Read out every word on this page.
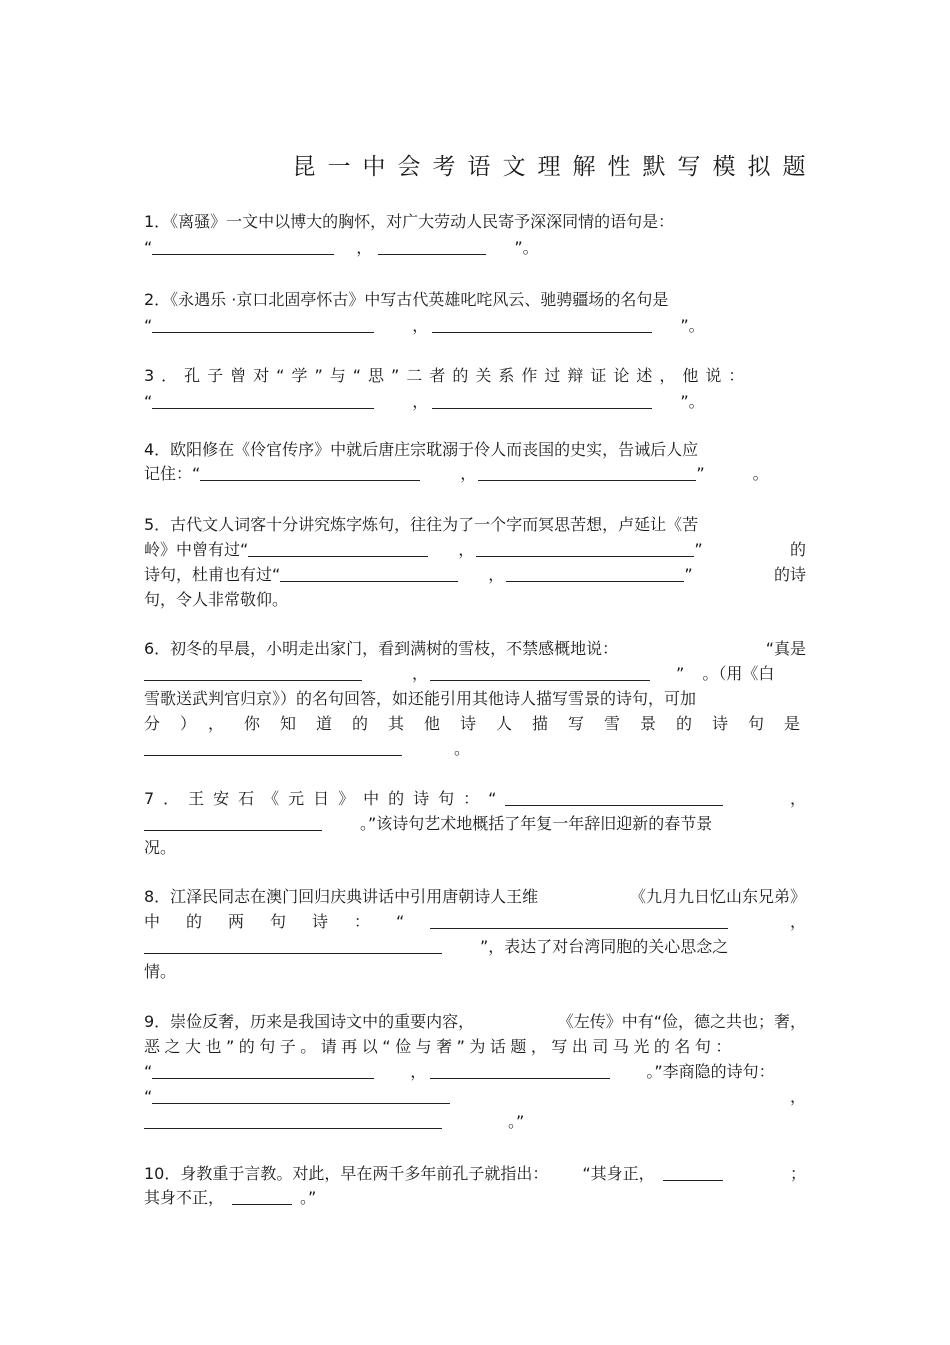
昆一中会考语文理解性默写模拟题
1．《离骚》一文中以博大的胸怀，对广大劳动人民寄予深深同情的语句是：
“	，	”。
2．《永遇乐 ·京口北固亭怀古》中写古代英雄叱咤风云、驰骋疆场的名句是
“	，	”。
3．孔子曾对“学”与“思”二者的关系作过辩证论述，他说：
“	，	”。
4．欧阳修在《伶官传序》中就后唐庄宗耽溺于伶人而丧国的史实，告诫后人应
记住：“	，	”	。
5．古代文人词客十分讲究炼字炼句，往往为了一个字而冥思苦想，卢延让《苦
岭》中曾有过“	，	”	的
诗句，杜甫也有过“	，	”	的诗
句，令人非常敬仰。
6．初冬的早晨，小明走出家门，看到满树的雪枝，不禁感概地说：	“真是
，	” 。（用《白
雪歌送武判官归京》）的名句回答，如还能引用其他诗人描写雪景的诗句，可加
分），你知道的其他诗人描写雪景的诗句是
。
7．王安石《元日》中的诗句：“	，
。”该诗句艺术地概括了年复一年辞旧迎新的春节景
况。
8．江泽民同志在澳门回归庆典讲话中引用唐朝诗人王维	《九月九日忆山东兄弟》
中的两句诗：“	，
”，表达了对台湾同胞的关心思念之
情。
9．崇俭反奢，历来是我国诗文中的重要内容，	《左传》中有“俭，德之共也；奢，
恶之大也”的句子。请再以“俭与奢”为话题，写出司马光的名句：
“	，	。”李商隐的诗句：
“	，
。”
10．身教重于言教。对此，早在两千多年前孔子就指出： “其身正，	；
其身不正，	。”
